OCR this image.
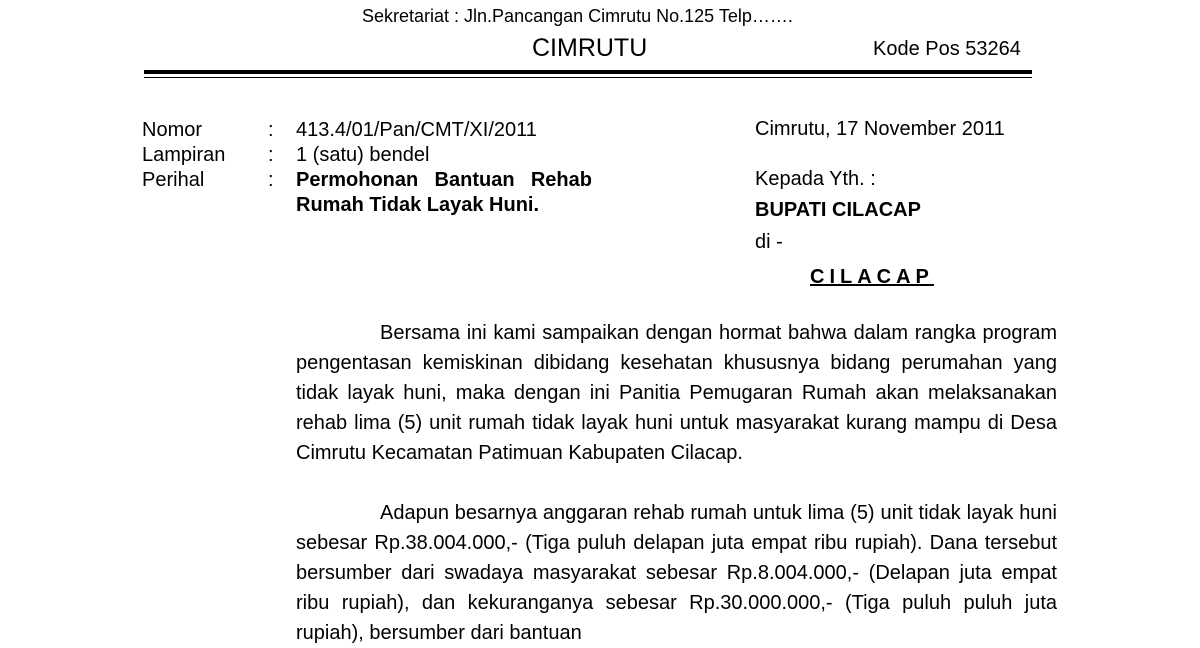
Sekretariat : Jln.Pancangan Cimrutu No.125 Telp…….
CIMRUTU	Kode Pos 53264
Nomor	: 413.4/01/Pan/CMT/XI/2011
Lampiran : 1 (satu) bendel
Perihal	: Permohonan Bantuan Rehab Rumah Tidak Layak Huni.
Cimrutu, 17 November 2011
Kepada Yth. :
BUPATI CILACAP
di -
CILACAP
Bersama ini kami sampaikan dengan hormat bahwa dalam rangka program pengentasan kemiskinan dibidang kesehatan khususnya bidang perumahan yang tidak layak huni, maka dengan ini Panitia Pemugaran Rumah akan melaksanakan rehab lima (5) unit rumah tidak layak huni untuk masyarakat kurang mampu di Desa Cimrutu Kecamatan Patimuan Kabupaten Cilacap.
Adapun besarnya anggaran rehab rumah untuk lima (5) unit tidak layak huni sebesar Rp.38.004.000,- (Tiga puluh delapan juta empat ribu rupiah). Dana tersebut bersumber dari swadaya masyarakat sebesar Rp.8.004.000,- (Delapan juta empat ribu rupiah), dan kekuranganya sebesar Rp.30.000.000,- (Tiga puluh puluh juta rupiah), bersumber dari bantuan
